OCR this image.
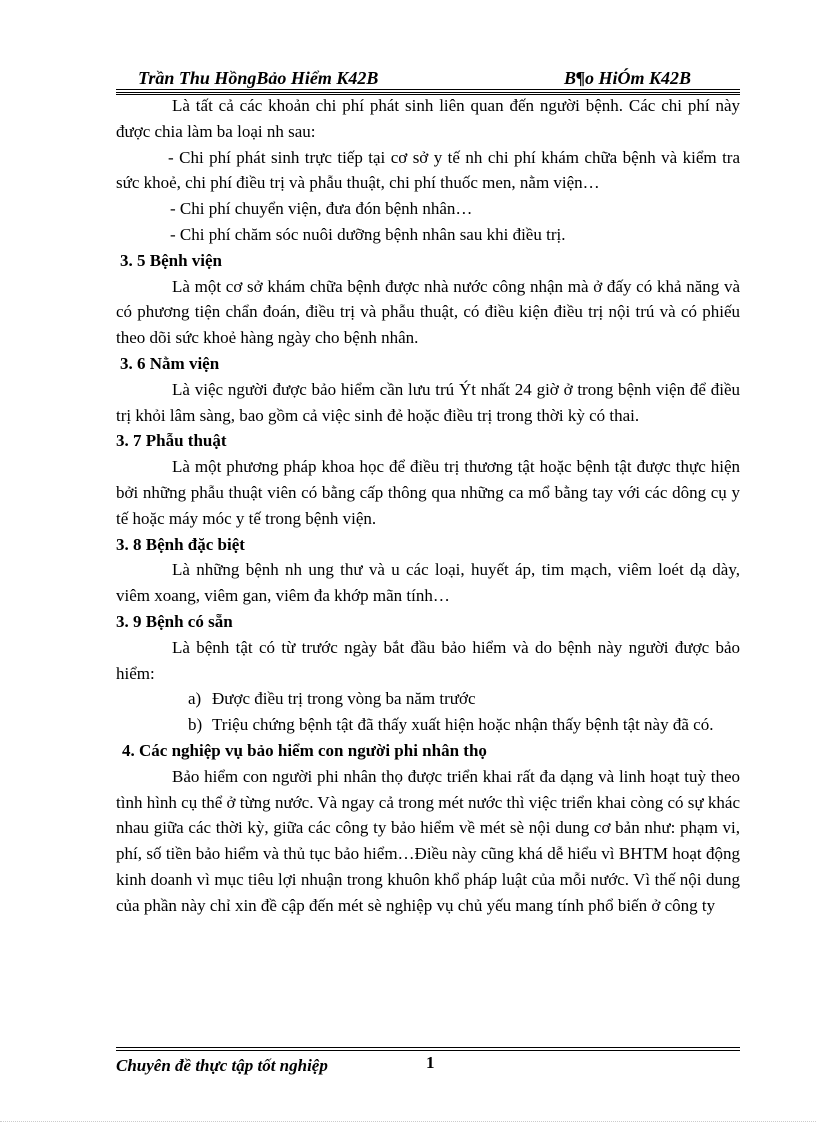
Trần Thu HồngBảo Hiểm K42B	B¶o HiÓm K42B

Là tất cả các khoản chi phí phát sinh liên quan đến người bệnh. Các chi phí này được chia làm ba loại nh sau:

- Chi phí phát sinh trực tiếp tại cơ sở y tế nh chi phí khám chữa bệnh và kiểm tra sức khoẻ, chi phí điều trị và phẫu thuật, chi phí thuốc men, nằm viện…

- Chi phí chuyển viện, đưa đón bệnh nhân…

- Chi phí chăm sóc nuôi dưỡng bệnh nhân sau khi điều trị.

3. 5 Bệnh viện

Là một cơ sở khám chữa bệnh được nhà nước công nhận mà ở đấy có khả năng và có phương tiện chẩn đoán, điều trị và phẫu thuật, có điều kiện điều trị nội trú và có phiếu theo dõi sức khoẻ hàng ngày cho bệnh nhân.

3. 6 Nằm viện

Là việc người được bảo hiểm cần lưu trú Ýt nhất 24 giờ ở trong bệnh viện để điều trị khỏi lâm sàng, bao gồm cả việc sinh đẻ hoặc điều trị trong thời kỳ có thai.

3. 7 Phẫu thuật

Là một phương pháp khoa học để điều trị thương tật hoặc bệnh tật được thực hiện bởi những phẫu thuật viên có bằng cấp thông qua những ca mổ bằng tay với các dông cụ y tế hoặc máy móc y tế trong bệnh viện.

3. 8 Bệnh đặc biệt

Là những bệnh nh ung thư và u các loại, huyết áp, tim mạch, viêm loét dạ dày, viêm xoang, viêm gan, viêm đa khớp mãn tính…

3. 9 Bệnh có sẵn

Là bệnh tật có từ trước ngày bắt đầu bảo hiểm và do bệnh này người được bảo hiểm:

a) Được điều trị trong vòng ba năm trước
b) Triệu chứng bệnh tật đã thấy xuất hiện hoặc nhận thấy bệnh tật này đã có.
4. Các nghiệp vụ bảo hiểm con người phi nhân thọ

Bảo hiểm con người phi nhân thọ được triển khai rất đa dạng và linh hoạt tuỳ theo tình hình cụ thể ở từng nước. Và ngay cả trong mét nước thì việc triển khai còng có sự khác nhau giữa các thời kỳ, giữa các công ty bảo hiểm về mét sè nội dung cơ bản như: phạm vi, phí, số tiền bảo hiểm và thủ tục bảo hiểm…Điều này cũng khá dễ hiểu vì BHTM hoạt động kinh doanh vì mục tiêu lợi nhuận trong khuôn khổ pháp luật của mỗi nước. Vì thế nội dung của phần này chỉ xin đề cập đến mét sè nghiệp vụ chủ yếu mang tính phổ biến ở công ty

Chuyên đề thực tập tốt nghiệp	1
